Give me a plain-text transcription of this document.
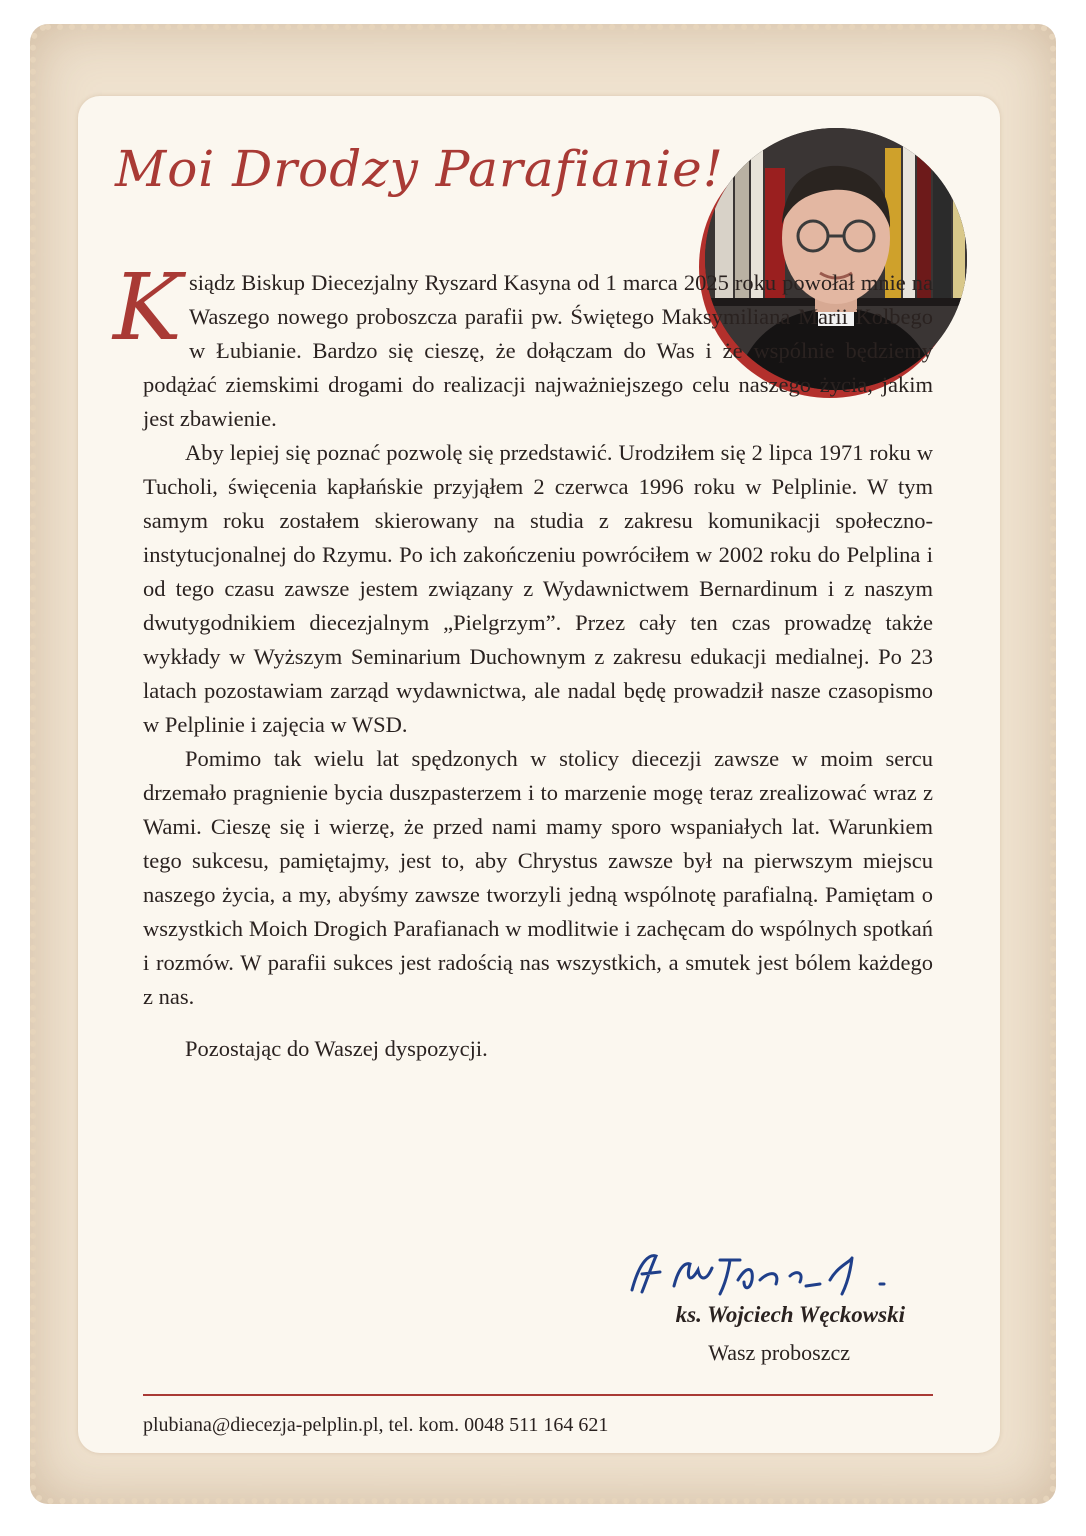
Moi Drodzy Parafianie!

Ksiądz Biskup Diecezjalny Ryszard Kasyna od 1 marca 2025 roku powołał mnie na Waszego nowego proboszcza parafii pw. Świętego Maksymiliana Marii Kolbego w Łubianie. Bardzo się cieszę, że dołączam do Was i że wspólnie będziemy podążać ziemskimi drogami do realizacji najważniejszego celu naszego życia, jakim jest zbawienie.

Aby lepiej się poznać pozwolę się przedstawić. Urodziłem się 2 lipca 1971 roku w Tucholi, święcenia kapłańskie przyjąłem 2 czerwca 1996 roku w Pelplinie. W tym samym roku zostałem skierowany na studia z zakresu komunikacji społeczno-instytucjonalnej do Rzymu. Po ich zakończeniu powróciłem w 2002 roku do Pelplina i od tego czasu zawsze jestem związany z Wydawnictwem Bernardinum i z naszym dwutygodnikiem diecezjalnym „Pielgrzym”. Przez cały ten czas prowadzę także wykłady w Wyższym Seminarium Duchownym z zakresu edukacji medialnej. Po 23 latach pozostawiam zarząd wydawnictwa, ale nadal będę prowadził nasze czasopismo w Pelplinie i zajęcia w WSD.

Pomimo tak wielu lat spędzonych w stolicy diecezji zawsze w moim sercu drzemało pragnienie bycia duszpasterzem i to marzenie mogę teraz zrealizować wraz z Wami. Cieszę się i wierzę, że przed nami mamy sporo wspaniałych lat. Warunkiem tego sukcesu, pamiętajmy, jest to, aby Chrystus zawsze był na pierwszym miejscu naszego życia, a my, abyśmy zawsze tworzyli jedną wspólnotę parafialną. Pamiętam o wszystkich Moich Drogich Parafianach w modlitwie i zachęcam do wspólnych spotkań i rozmów. W parafii sukces jest radością nas wszystkich, a smutek jest bólem każdego z nas.

Pozostając do Waszej dyspozycji.

ks. Wojciech Węckowski
Wasz proboszcz
plubiana@diecezja-pelplin.pl, tel. kom. 0048 511 164 621
